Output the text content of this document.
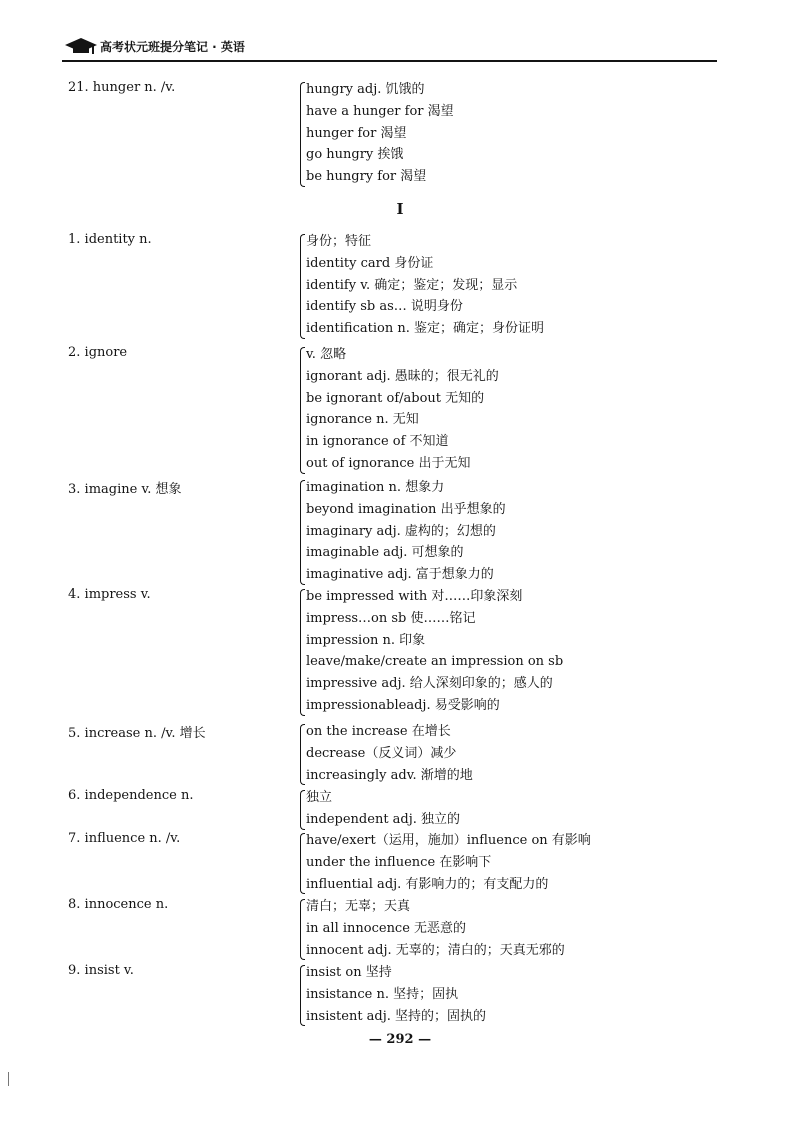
高考状元班提分笔记 · 英语
I
21. hunger n. /v.	hungry adj. 饥饿的
have a hunger for 渴望
hunger for 渴望
go hungry 挨饿
be hungry for 渴望
1. identity n.	身份；特征
identity card 身份证
identify v. 确定；鉴定；发现；显示
identify sb as… 说明身份
identification n. 鉴定；确定；身份证明
2. ignore	v. 忽略
ignorant adj. 愚昧的；很无礼的
be ignorant of/about 无知的
ignorance n. 无知
in ignorance of 不知道
out of ignorance 出于无知
3. imagine v. 想象	imagination n. 想象力
beyond imagination 出乎想象的
imaginary adj. 虚构的；幻想的
imaginable adj. 可想象的
imaginative adj. 富于想象力的
4. impress v.	be impressed with 对……印象深刻
impress…on sb 使……铭记
impression n. 印象
leave/make/create an impression on sb
impressive adj. 给人深刻印象的；感人的
impressionableadj. 易受影响的
5. increase n. /v. 增长	on the increase 在增长
decrease（反义词）减少
increasingly adv. 渐增的地
6. independence n.	独立
independent adj. 独立的
7. influence n. /v.	have/exert（运用，施加）influence on 有影响
under the influence 在影响下
influential adj. 有影响力的；有支配力的
8. innocence n.	清白；无辜；天真
in all innocence 无恶意的
innocent adj. 无辜的；清白的；天真无邪的
9. insist v.	insist on 坚持
insistance n. 坚持；固执
insistent adj. 坚持的；固执的
— 292 —
